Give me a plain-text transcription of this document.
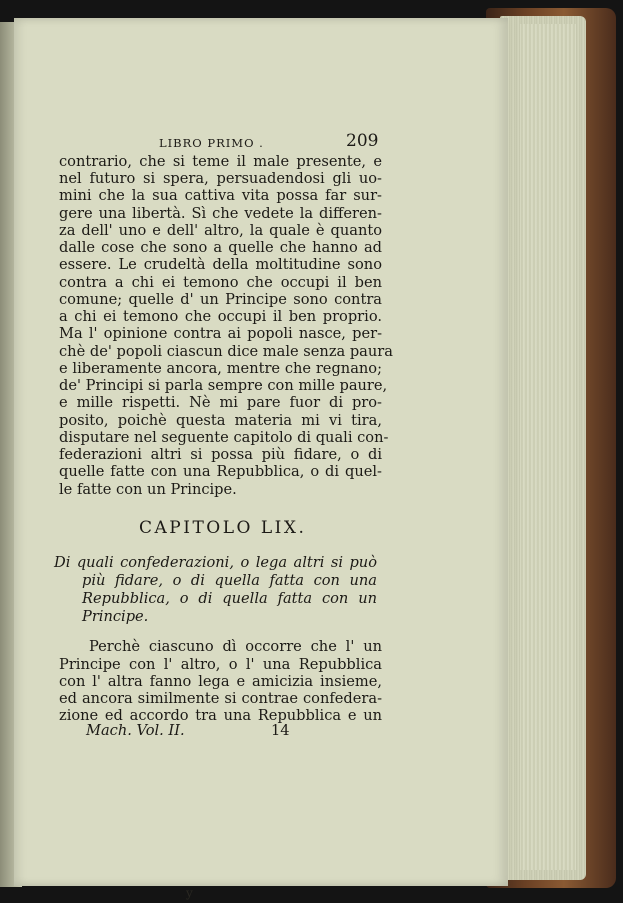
LIBRO PRIMO .	209
contrario, che si teme il male presente, e
nel futuro si spera, persuadendosi gli uo-
mini che la sua cattiva vita possa far sur-
gere una libertà. Sì che vedete la differen-
za dell' uno e dell' altro, la quale è quanto
dalle cose che sono a quelle che hanno ad
essere. Le crudeltà della moltitudine sono
contra a chi ei temono che occupi il ben
comune; quelle d' un Principe sono contra
a chi ei temono che occupi il ben proprio.
Ma l' opinione contra ai popoli nasce, per-
chè de' popoli ciascun dice male senza paura
e liberamente ancora, mentre che regnano;
de' Principi si parla sempre con mille paure,
e mille rispetti. Nè mi pare fuor di pro-
posito, poichè questa materia mi vi tira,
disputare nel seguente capitolo di quali con-
federazioni altri si possa più fidare, o di
quelle fatte con una Repubblica, o di quel-
le fatte con un Principe.
CAPITOLO LIX.
Di quali confederazioni, o lega altri si può
più fidare, o di quella fatta con una
Repubblica, o di quella fatta con un
Principe.
Perchè ciascuno dì occorre che l' un
Principe con l' altro, o l' una Repubblica
con l' altra fanno lega e amicizia insieme,
ed ancora similmente si contrae confedera-
zione ed accordo tra una Repubblica e un
Mach. Vol. II.	14
y
